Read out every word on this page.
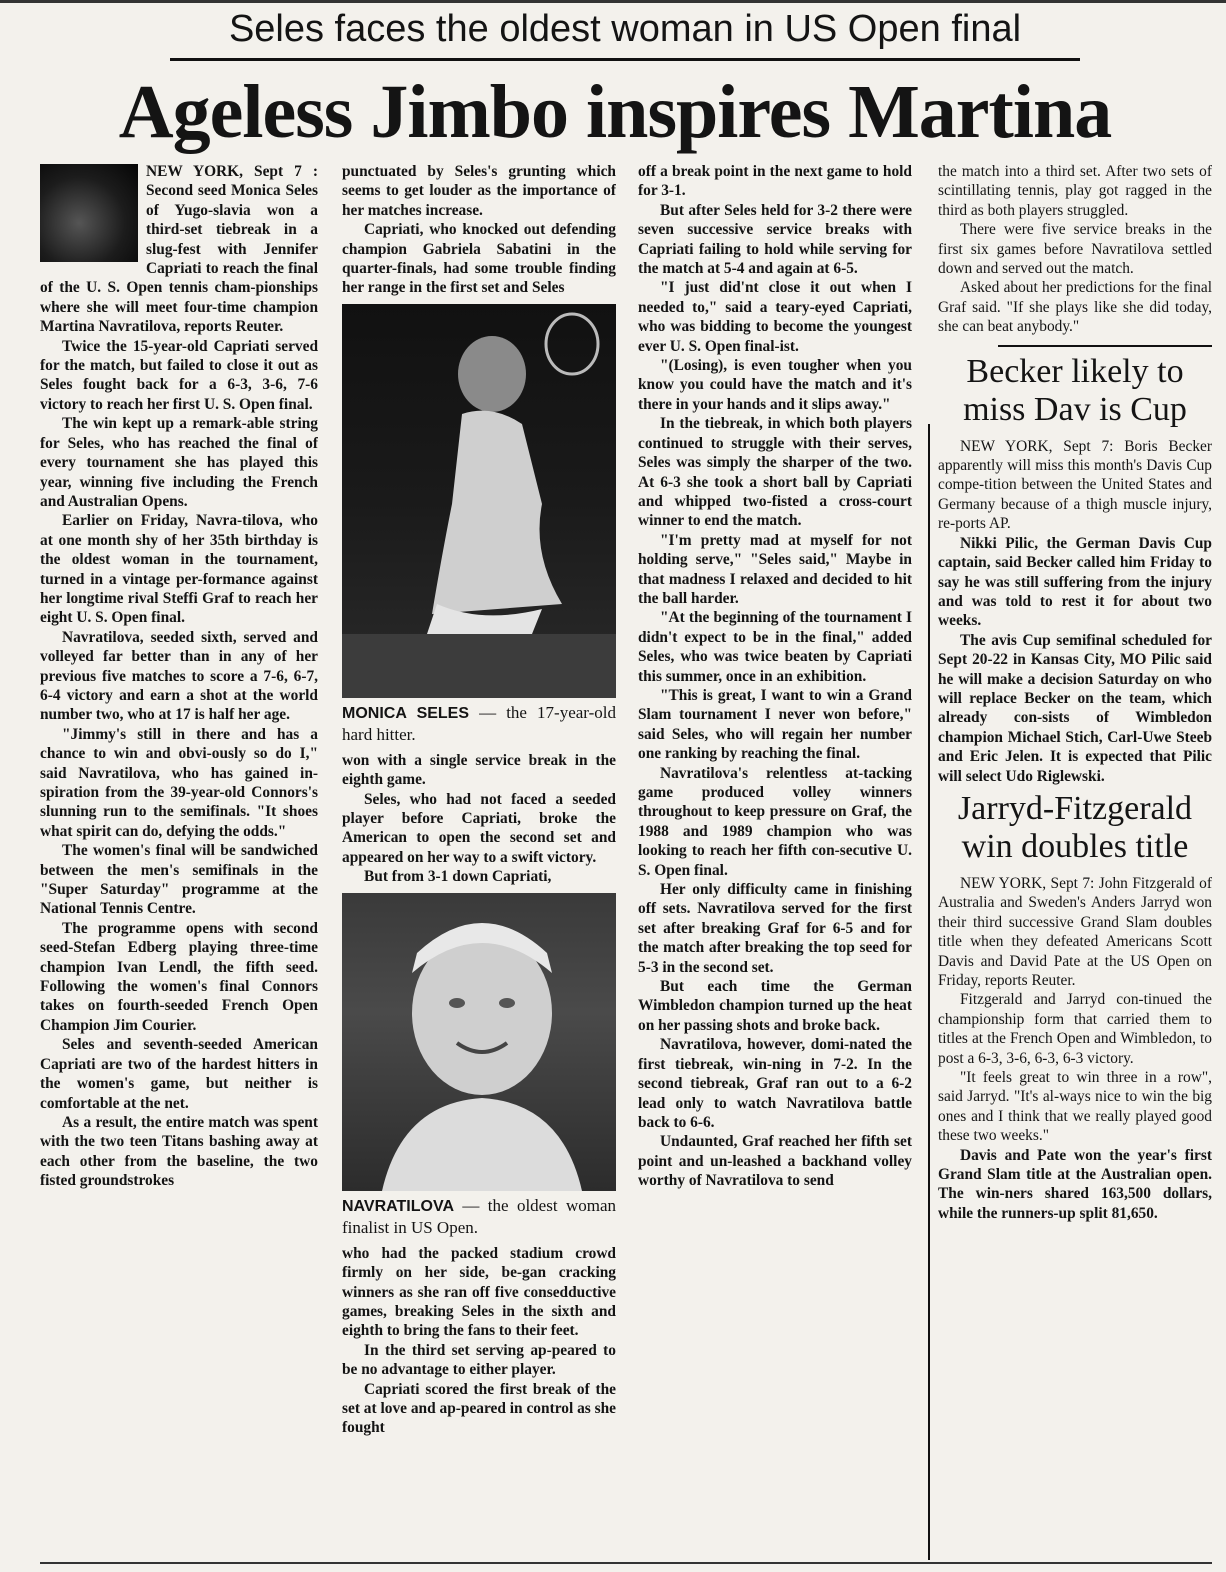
Seles faces the oldest woman in US Open final
Ageless Jimbo inspires Martina

NEW YORK, Sept 7 : Second seed Monica Seles of Yugo-slavia won a third-set tiebreak in a slug-fest with Jennifer Capriati to reach the final of the U. S. Open tennis cham-pionships where she will meet four-time champion Martina Navratilova, reports Reuter.

Twice the 15-year-old Capriati served for the match, but failed to close it out as Seles fought back for a 6-3, 3-6, 7-6 victory to reach her first U. S. Open final.

The win kept up a remark-able string for Seles, who has reached the final of every tournament she has played this year, winning five including the French and Australian Opens.

Earlier on Friday, Navra-tilova, who at one month shy of her 35th birthday is the oldest woman in the tournament, turned in a vintage per-formance against her longtime rival Steffi Graf to reach her eight U. S. Open final.

Navratilova, seeded sixth, served and volleyed far better than in any of her previous five matches to score a 7-6, 6-7, 6-4 victory and earn a shot at the world number two, who at 17 is half her age.

"Jimmy's still in there and has a chance to win and obvi-ously so do I," said Navratilova, who has gained in-spiration from the 39-year-old Connors's slunning run to the semifinals. "It shoes what spirit can do, defying the odds."

The women's final will be sandwiched between the men's semifinals in the "Super Saturday" programme at the National Tennis Centre.

The programme opens with second seed-Stefan Edberg playing three-time champion Ivan Lendl, the fifth seed. Following the women's final Connors takes on fourth-seeded French Open Champion Jim Courier.

Seles and seventh-seeded American Capriati are two of the hardest hitters in the women's game, but neither is comfortable at the net.

As a result, the entire match was spent with the two teen Titans bashing away at each other from the baseline, the two fisted groundstrokes

punctuated by Seles's grunting which seems to get louder as the importance of her matches increase.

Capriati, who knocked out defending champion Gabriela Sabatini in the quarter-finals, had some trouble finding her range in the first set and Seles

MONICA SELES — the 17-year-old hard hitter.

won with a single service break in the eighth game.

Seles, who had not faced a seeded player before Capriati, broke the American to open the second set and appeared on her way to a swift victory.

But from 3-1 down Capriati,

NAVRATILOVA — the oldest woman finalist in US Open.

who had the packed stadium crowd firmly on her side, be-gan cracking winners as she ran off five consedductive games, breaking Seles in the sixth and eighth to bring the fans to their feet.

In the third set serving ap-peared to be no advantage to either player.

Capriati scored the first break of the set at love and ap-peared in control as she fought

off a break point in the next game to hold for 3-1.

But after Seles held for 3-2 there were seven successive service breaks with Capriati failing to hold while serving for the match at 5-4 and again at 6-5.

"I just did'nt close it out when I needed to," said a teary-eyed Capriati, who was bidding to become the youngest ever U. S. Open final-ist.

"(Losing), is even tougher when you know you could have the match and it's there in your hands and it slips away."

In the tiebreak, in which both players continued to struggle with their serves, Seles was simply the sharper of the two. At 6-3 she took a short ball by Capriati and whipped two-fisted a cross-court winner to end the match.

"I'm pretty mad at myself for not holding serve," "Seles said," Maybe in that madness I relaxed and decided to hit the ball harder.

"At the beginning of the tournament I didn't expect to be in the final," added Seles, who was twice beaten by Capriati this summer, once in an exhibition.

"This is great, I want to win a Grand Slam tournament I never won before," said Seles, who will regain her number one ranking by reaching the final.

Navratilova's relentless at-tacking game produced volley winners throughout to keep pressure on Graf, the 1988 and 1989 champion who was looking to reach her fifth con-secutive U. S. Open final.

Her only difficulty came in finishing off sets. Navratilova served for the first set after breaking Graf for 6-5 and for the match after breaking the top seed for 5-3 in the second set.

But each time the German Wimbledon champion turned up the heat on her passing shots and broke back.

Navratilova, however, domi-nated the first tiebreak, win-ning in 7-2. In the second tiebreak, Graf ran out to a 6-2 lead only to watch Navratilova battle back to 6-6.

Undaunted, Graf reached her fifth set point and un-leashed a backhand volley worthy of Navratilova to send

the match into a third set. After two sets of scintillating tennis, play got ragged in the third as both players struggled.

There were five service breaks in the first six games before Navratilova settled down and served out the match.

Asked about her predictions for the final Graf said. "If she plays like she did today, she can beat anybody."

Becker likely to miss Dav is Cup

NEW YORK, Sept 7: Boris Becker apparently will miss this month's Davis Cup compe-tition between the United States and Germany because of a thigh muscle injury, re-ports AP.

Nikki Pilic, the German Davis Cup captain, said Becker called him Friday to say he was still suffering from the injury and was told to rest it for about two weeks.

The avis Cup semifinal scheduled for Sept 20-22 in Kansas City, MO Pilic said he will make a decision Saturday on who will replace Becker on the team, which already con-sists of Wimbledon champion Michael Stich, Carl-Uwe Steeb and Eric Jelen. It is expected that Pilic will select Udo Riglewski.

Jarryd-Fitzgerald win doubles title

NEW YORK, Sept 7: John Fitzgerald of Australia and Sweden's Anders Jarryd won their third successive Grand Slam doubles title when they defeated Americans Scott Davis and David Pate at the US Open on Friday, reports Reuter.

Fitzgerald and Jarryd con-tinued the championship form that carried them to titles at the French Open and Wimbledon, to post a 6-3, 3-6, 6-3, 6-3 victory.

"It feels great to win three in a row", said Jarryd. "It's al-ways nice to win the big ones and I think that we really played good these two weeks."

Davis and Pate won the year's first Grand Slam title at the Australian open. The win-ners shared 163,500 dollars, while the runners-up split 81,650.
